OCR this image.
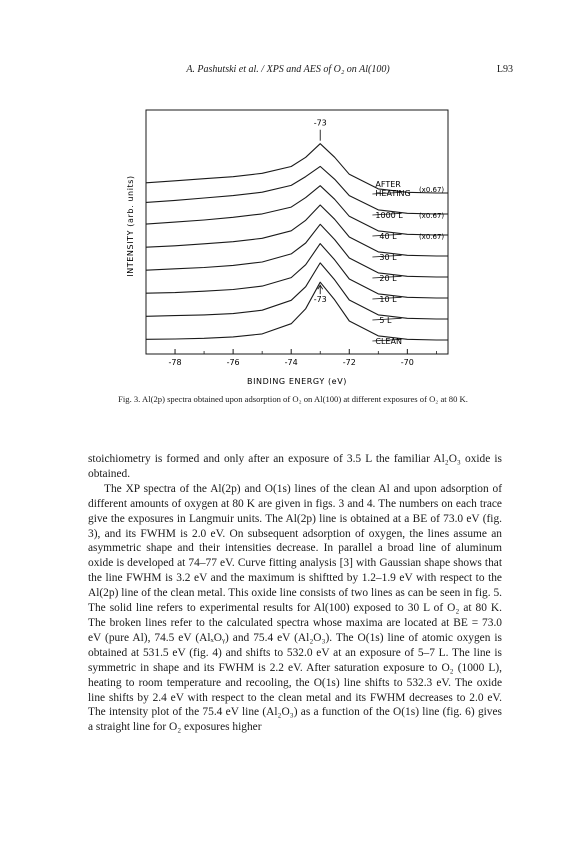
A. Pashutski et al. / XPS and AES of O₂ on Al(100)	L93
INTENSITY (arb. units)
BINDING ENERGY (eV)
-78	-76	-74	-72	-70
AFTER
HEATING (x0.67)
1000 L (x0.67)
40 L	(x0.67)
30 L
20 L
10 L
5 L
CLEAN
-73
-73
Fig. 3. Al(2p) spectra obtained upon adsorption of O₂ on Al(100) at different exposures of O₂ at 80 K.

stoichiometry is formed and only after an exposure of 3.5 L the familiar Al₂O₃ oxide is obtained.

The XP spectra of the Al(2p) and O(1s) lines of the clean Al and upon adsorption of different amounts of oxygen at 80 K are given in figs. 3 and 4. The numbers on each trace give the exposures in Langmuir units. The Al(2p) line is obtained at a BE of 73.0 eV (fig. 3), and its FWHM is 2.0 eV. On subsequent adsorption of oxygen, the lines assume an asymmetric shape and their intensities decrease. In parallel a broad line of aluminum oxide is developed at 74–77 eV. Curve fitting analysis [3] with Gaussian shape shows that the line FWHM is 3.2 eV and the maximum is shiftted by 1.2–1.9 eV with respect to the Al(2p) line of the clean metal. This oxide line consists of two lines as can be seen in fig. 5. The solid line refers to experimental results for Al(100) exposed to 30 L of O₂ at 80 K. The broken lines refer to the calculated spectra whose maxima are located at BE = 73.0 eV (pure Al), 74.5 eV (AlₓOᵧ) and 75.4 eV (Al₂O₃). The O(1s) line of atomic oxygen is obtained at 531.5 eV (fig. 4) and shifts to 532.0 eV at an exposure of 5–7 L. The line is symmetric in shape and its FWHM is 2.2 eV. After saturation exposure to O₂ (1000 L), heating to room temperature and recooling, the O(1s) line shifts to 532.3 eV. The oxide line shifts by 2.4 eV with respect to the clean metal and its FWHM decreases to 2.0 eV. The intensity plot of the 75.4 eV line (Al₂O₃) as a function of the O(1s) line (fig. 6) gives a straight line for O₂ exposures higher
